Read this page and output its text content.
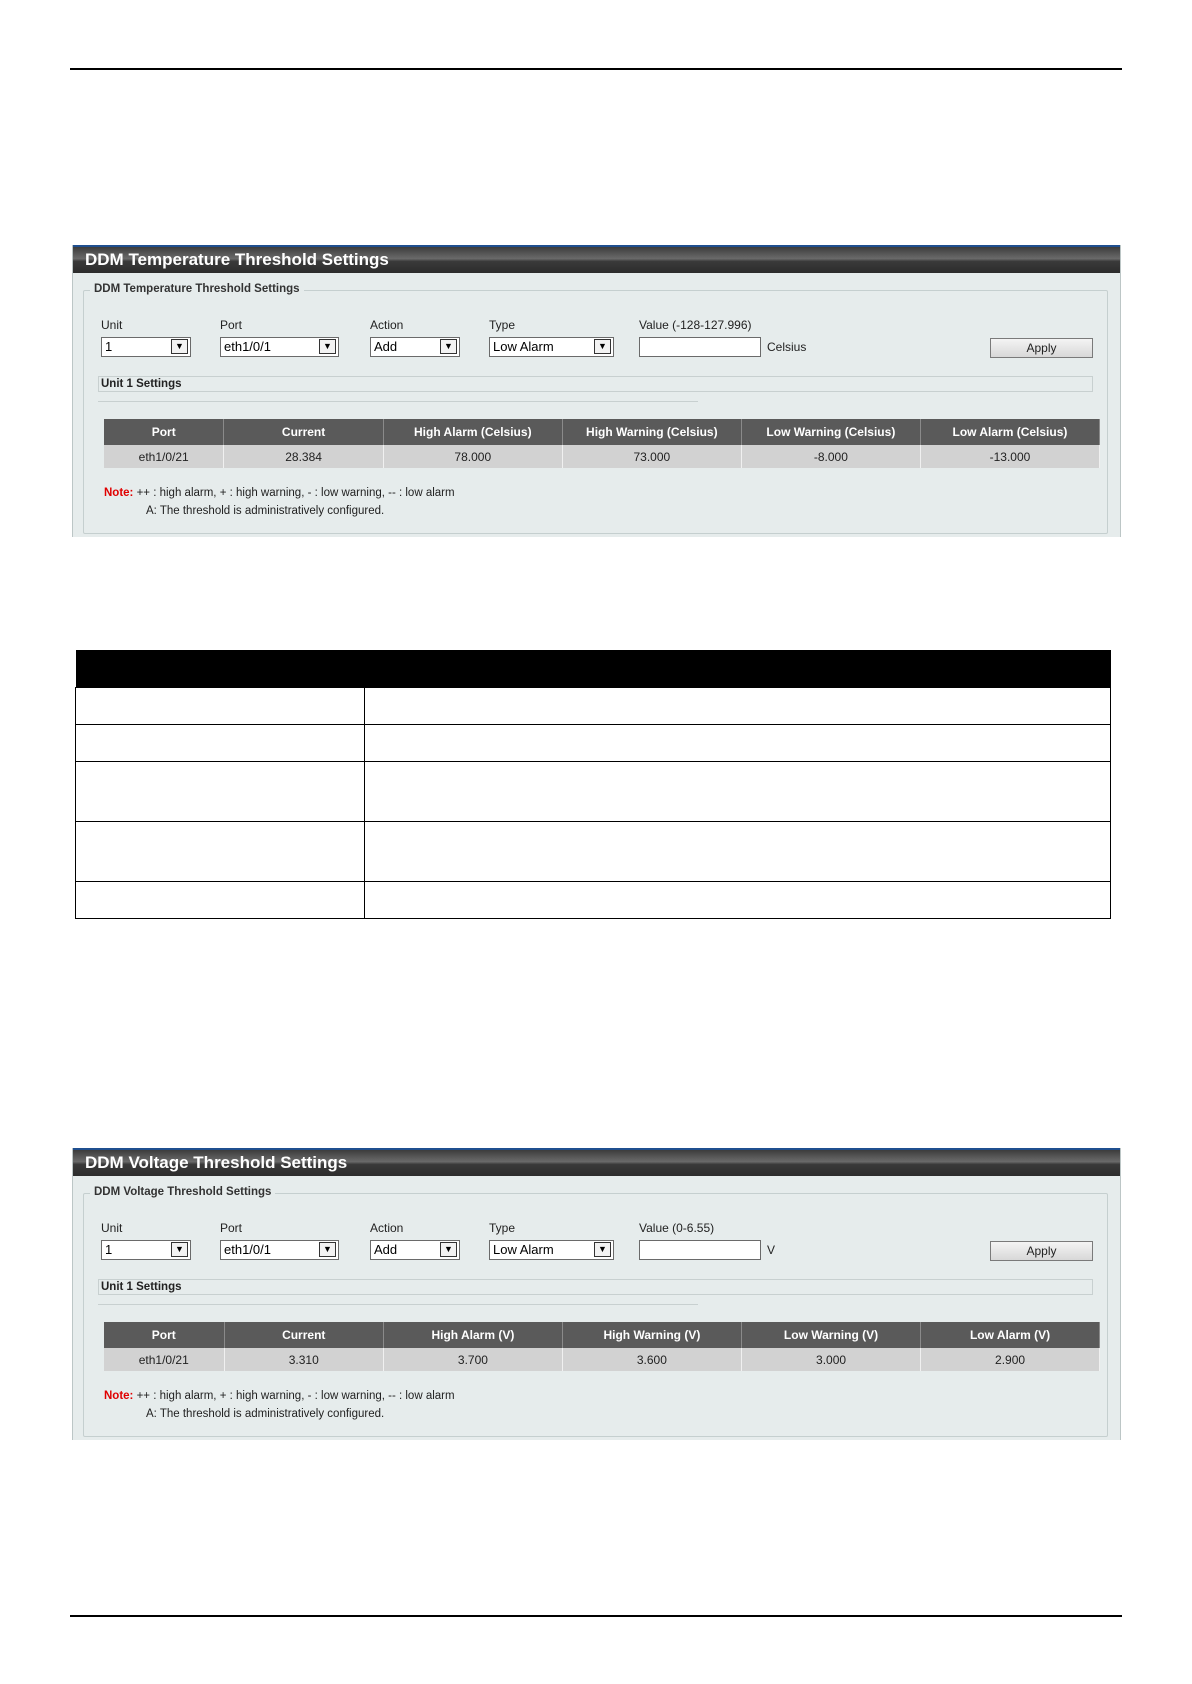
DDM Temperature Threshold Settings
DDM Temperature Threshold Settings
Unit	Port	Action	Type	Value (-128-127.996)
1	▼	eth1/0/1	▼	Add	▼	Low Alarm	▼	Celsius	Apply
Unit 1 Settings
Port	Current	High Alarm (Celsius)	High Warning (Celsius)	Low Warning (Celsius)	Low Alarm (Celsius)
eth1/0/21	28.384	78.000	73.000	-8.000	-13.000
Note: ++ : high alarm, + : high warning, - : low warning, -- : low alarm
A: The threshold is administratively configured.

DDM Voltage Threshold Settings
DDM Voltage Threshold Settings
Unit	Port	Action	Type	Value (0-6.55)
1	▼	eth1/0/1	▼	Add	▼	Low Alarm	▼	V	Apply
Unit 1 Settings
Port	Current	High Alarm (V)	High Warning (V)	Low Warning (V)	Low Alarm (V)
eth1/0/21	3.310	3.700	3.600	3.000	2.900
Note: ++ : high alarm, + : high warning, - : low warning, -- : low alarm
A: The threshold is administratively configured.
